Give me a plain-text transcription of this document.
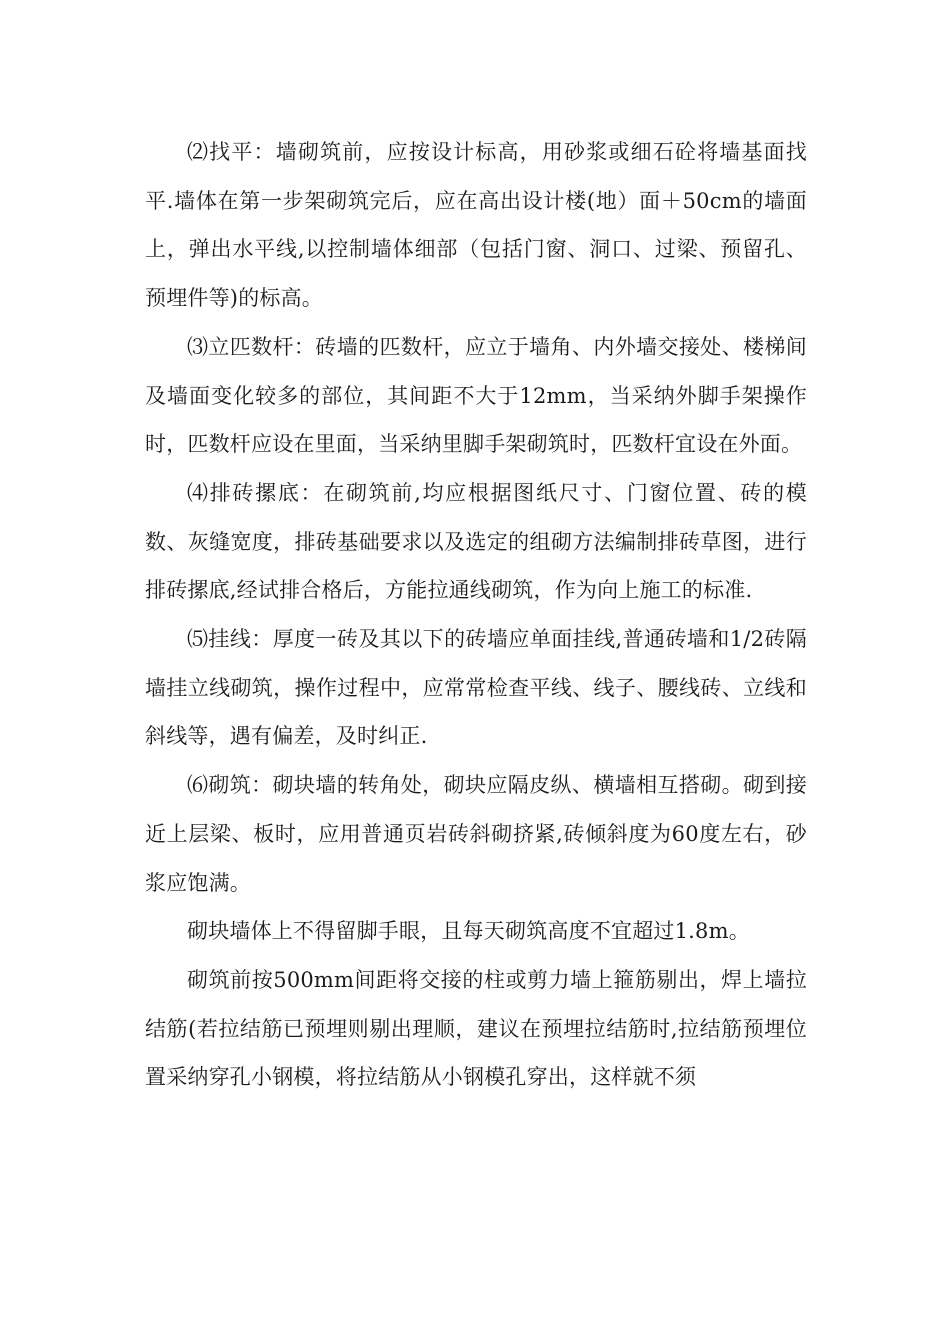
⑵找平：墙砌筑前，应按设计标高，用砂浆或细石砼将墙基面找平.墙体在第一步架砌筑完后，应在高出设计楼(地）面＋50cm的墙面上，弹出水平线,以控制墙体细部（包括门窗、洞口、过梁、预留孔、预埋件等)的标高。

⑶立匹数杆：砖墙的匹数杆，应立于墙角、内外墙交接处、楼梯间及墙面变化较多的部位，其间距不大于12mm，当采纳外脚手架操作时，匹数杆应设在里面，当采纳里脚手架砌筑时，匹数杆宜设在外面。

⑷排砖摞底：在砌筑前,均应根据图纸尺寸、门窗位置、砖的模数、灰缝宽度，排砖基础要求以及选定的组砌方法编制排砖草图，进行排砖摞底,经试排合格后，方能拉通线砌筑，作为向上施工的标准.

⑸挂线：厚度一砖及其以下的砖墙应单面挂线,普通砖墙和1/2砖隔墙挂立线砌筑，操作过程中，应常常检查平线、线子、腰线砖、立线和斜线等，遇有偏差，及时纠正.

⑹砌筑：砌块墙的转角处，砌块应隔皮纵、横墙相互搭砌。砌到接近上层梁、板时，应用普通页岩砖斜砌挤紧,砖倾斜度为60度左右，砂浆应饱满。

砌块墙体上不得留脚手眼，且每天砌筑高度不宜超过1.8m。

砌筑前按500mm间距将交接的柱或剪力墙上箍筋剔出，焊上墙拉结筋(若拉结筋已预埋则剔出理顺，建议在预埋拉结筋时,拉结筋预埋位置采纳穿孔小钢模，将拉结筋从小钢模孔穿出，这样就不须
